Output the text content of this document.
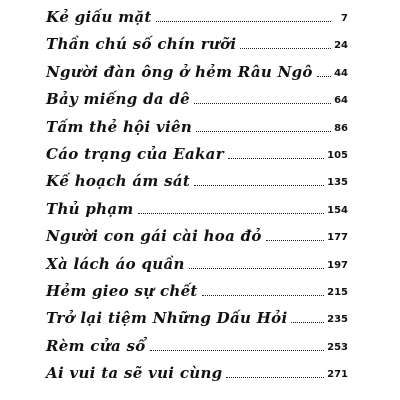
Kẻ giấu mặt	7
Thần chú số chín rưỡi	24
Người đàn ông ở hẻm Râu Ngô 44
Bảy miếng da dê	64
Tấm thẻ hội viên	86
Cáo trạng của Eakar	105
Kế hoạch ám sát	135
Thủ phạm	154
Người con gái cài hoa đỏ	177
Xà lách áo quần	197
Hẻm gieo sự chết	215
Trở lại tiệm Những Dấu Hỏi	235
Rèm cửa sổ	253
Ai vui ta sẽ vui cùng	271
